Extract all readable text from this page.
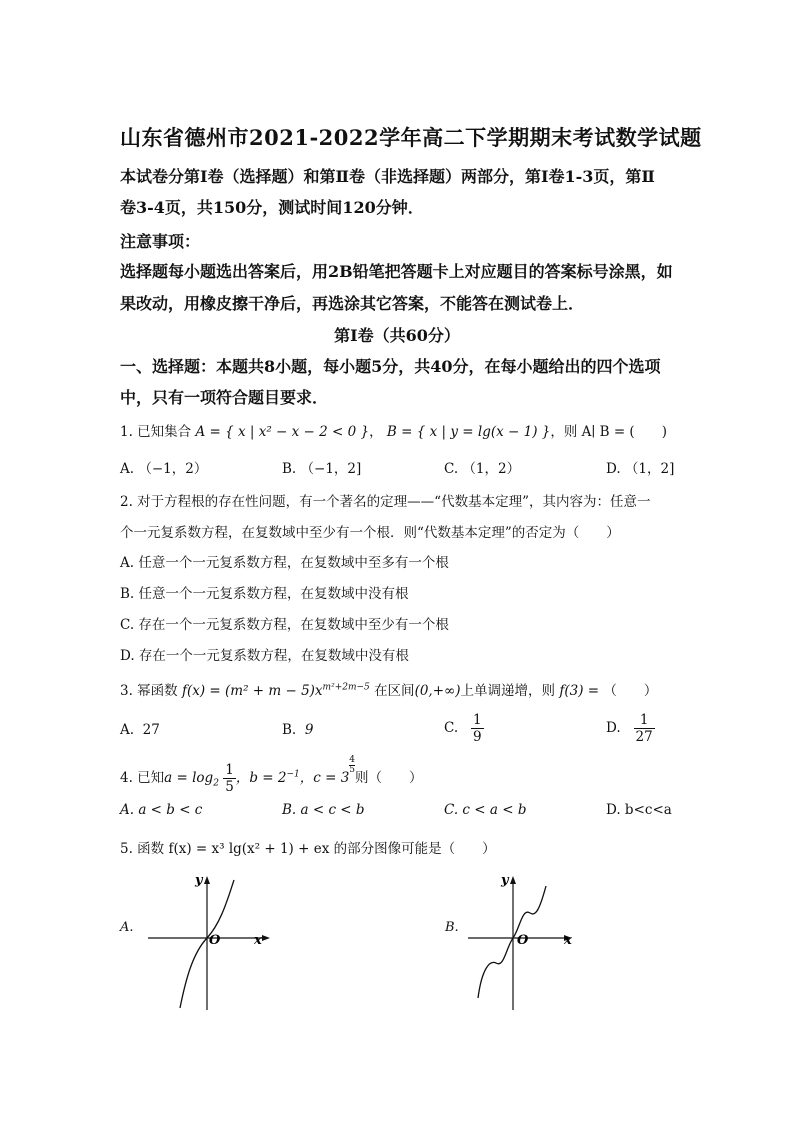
山东省德州市2021-2022学年高二下学期期末考试数学试题
本试卷分第Ⅰ卷（选择题）和第Ⅱ卷（非选择题）两部分，第Ⅰ卷1-3页，第Ⅱ
卷3-4页，共150分，测试时间120分钟．
注意事项：
选择题每小题选出答案后，用2B铅笔把答题卡上对应题目的答案标号涂黑，如
果改动，用橡皮擦干净后，再选涂其它答案，不能答在测试卷上．
第Ⅰ卷（共60分）
一、选择题：本题共8小题，每小题5分，共40分，在每小题给出的四个选项
中，只有一项符合题目要求．
1. 已知集合 A = { x | x² − x − 2 < 0 }， B = { x | y = lg(x − 1) }，则 A∣ B = (　　)
A. （−1，2）	B. （−1，2]	C. （1，2）	D. （1，2]
2. 对于方程根的存在性问题，有一个著名的定理——“代数基本定理”，其内容为：任意一
个一元复系数方程，在复数域中至少有一个根．则“代数基本定理”的否定为（　　）
A. 任意一个一元复系数方程，在复数域中至多有一个根
B. 任意一个一元复系数方程，在复数域中没有根
C. 存在一个一元复系数方程，在复数域中至少有一个根
D. 存在一个一元复系数方程，在复数域中没有根
3. 幂函数 $f(x) = (m^2 + m - 5)x^{m^2+2m-5}$ 在区间(0,+∞)上单调递增，则 f(3) = （　　）
A. 27	B. 9	C. $\frac{1}{9}$	D. $\frac{1}{27}$
4. 已知$a = \log_2 \frac{1}{5}$ ，$b = 2^{-1}$，c = 3
$^{\frac{4}{5}}$
则（　　）
A. a < b < c	B. a < c < b	C. c < a < b	D. b<c<a
5. 函数 f(x) = x³ lg(x² + 1) + ex 的部分图像可能是（　　）
A.
y
x
O
B.
y
x
O
